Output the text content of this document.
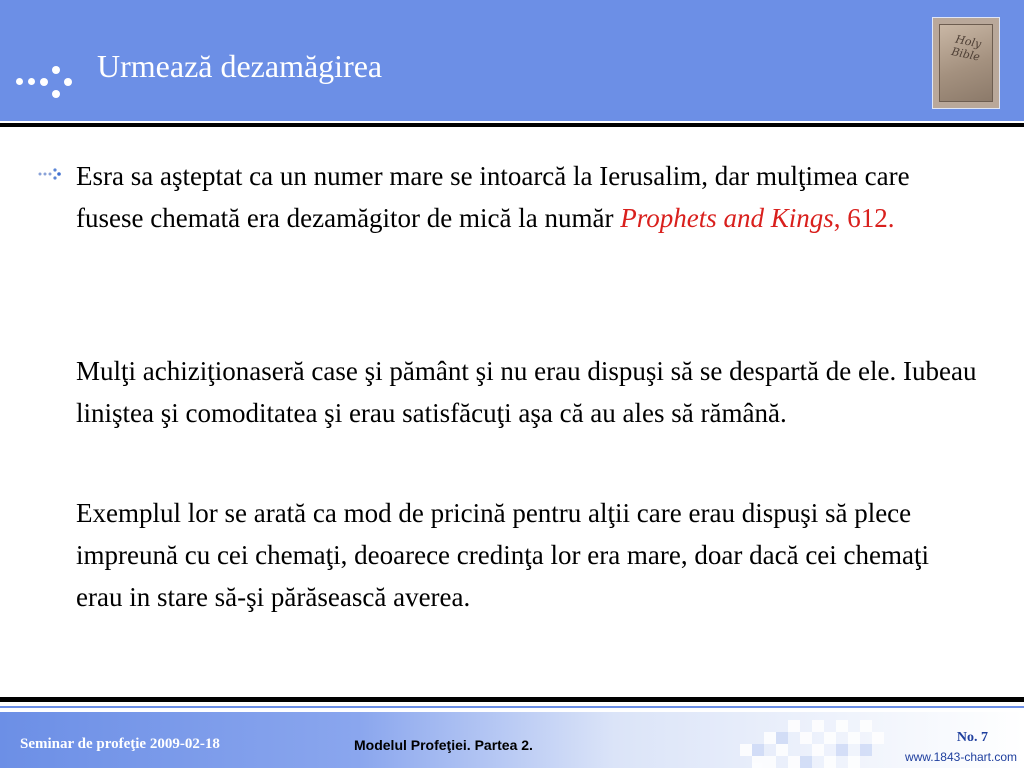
Urmează dezamăgirea
Holy Bible
Esra sa aşteptat ca un numer mare se intoarcă la Ierusalim, dar mulţimea care fusese chemată era dezamăgitor de mică la număr Prophets and Kings, 612.
Mulţi achiziţionaseră case şi pământ şi nu erau dispuşi să se despartă de ele. Iubeau liniştea şi comoditatea şi erau satisfăcuţi aşa că au ales să rămână.
Exemplul lor se arată ca mod de pricină pentru alţii care erau dispuşi să plece impreună cu cei chemaţi, deoarece credinţa lor era mare, doar dacă cei chemaţi erau in stare să-şi părăsească averea.
Seminar de profeţie 2009-02-18	Modelul Profeţiei. Partea 2.	No. 7
www.1843-chart.com
